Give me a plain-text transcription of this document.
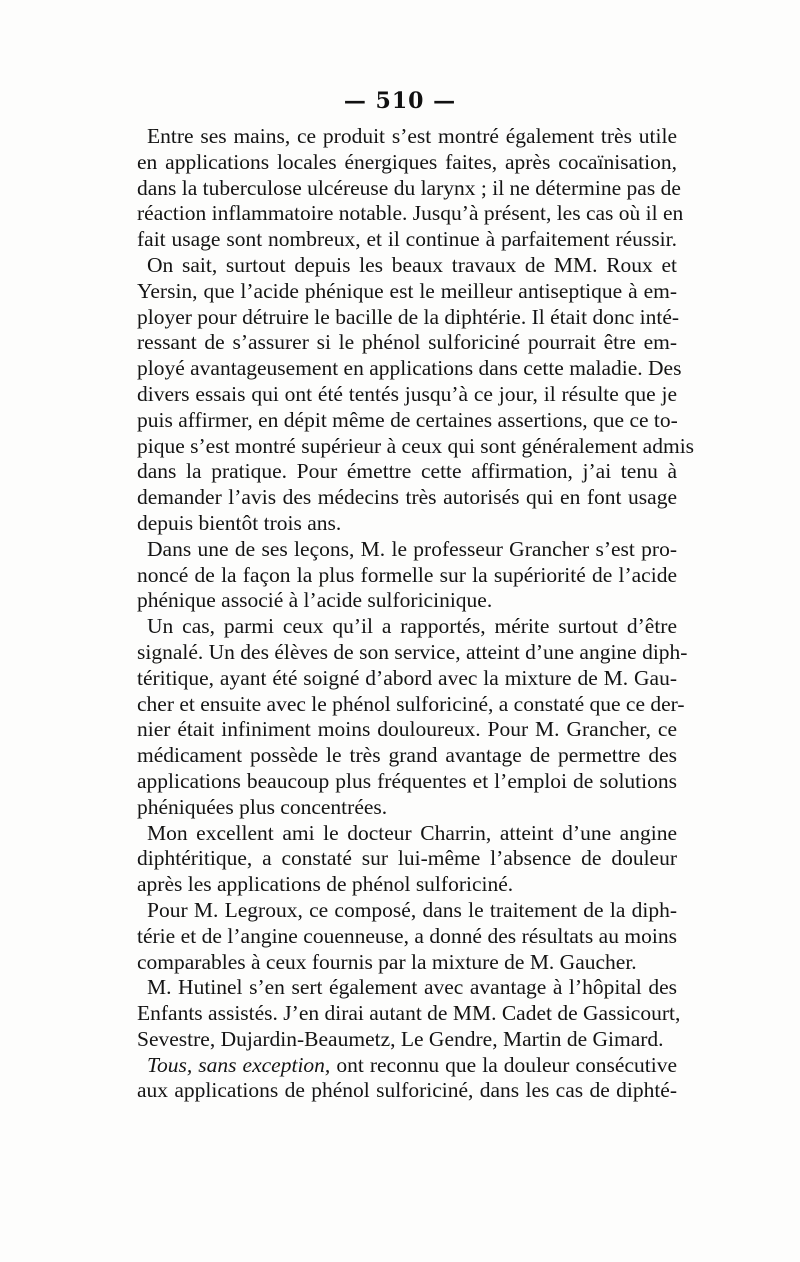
— 510 —
Entre ses mains, ce produit s’est montré également très utile
en applications locales énergiques faites, après cocaïnisation,
dans la tuberculose ulcéreuse du larynx ; il ne détermine pas de
réaction inflammatoire notable. Jusqu’à présent, les cas où il en
fait usage sont nombreux, et il continue à parfaitement réussir.
On sait, surtout depuis les beaux travaux de MM. Roux et
Yersin, que l’acide phénique est le meilleur antiseptique à em-
ployer pour détruire le bacille de la diphtérie. Il était donc inté-
ressant de s’assurer si le phénol sulforiciné pourrait être em-
ployé avantageusement en applications dans cette maladie. Des
divers essais qui ont été tentés jusqu’à ce jour, il résulte que je
puis affirmer, en dépit même de certaines assertions, que ce to-
pique s’est montré supérieur à ceux qui sont généralement admis
dans la pratique. Pour émettre cette affirmation, j’ai tenu à
demander l’avis des médecins très autorisés qui en font usage
depuis bientôt trois ans.
Dans une de ses leçons, M. le professeur Grancher s’est pro-
noncé de la façon la plus formelle sur la supériorité de l’acide
phénique associé à l’acide sulforicinique.
Un cas, parmi ceux qu’il a rapportés, mérite surtout d’être
signalé. Un des élèves de son service, atteint d’une angine diph-
téritique, ayant été soigné d’abord avec la mixture de M. Gau-
cher et ensuite avec le phénol sulforiciné, a constaté que ce der-
nier était infiniment moins douloureux. Pour M. Grancher, ce
médicament possède le très grand avantage de permettre des
applications beaucoup plus fréquentes et l’emploi de solutions
phéniquées plus concentrées.
Mon excellent ami le docteur Charrin, atteint d’une angine
diphtéritique, a constaté sur lui-même l’absence de douleur
après les applications de phénol sulforiciné.
Pour M. Legroux, ce composé, dans le traitement de la diph-
térie et de l’angine couenneuse, a donné des résultats au moins
comparables à ceux fournis par la mixture de M. Gaucher.
M. Hutinel s’en sert également avec avantage à l’hôpital des
Enfants assistés. J’en dirai autant de MM. Cadet de Gassicourt,
Sevestre, Dujardin-Beaumetz, Le Gendre, Martin de Gimard.
Tous, sans exception, ont reconnu que la douleur consécutive
aux applications de phénol sulforiciné, dans les cas de diphté-
